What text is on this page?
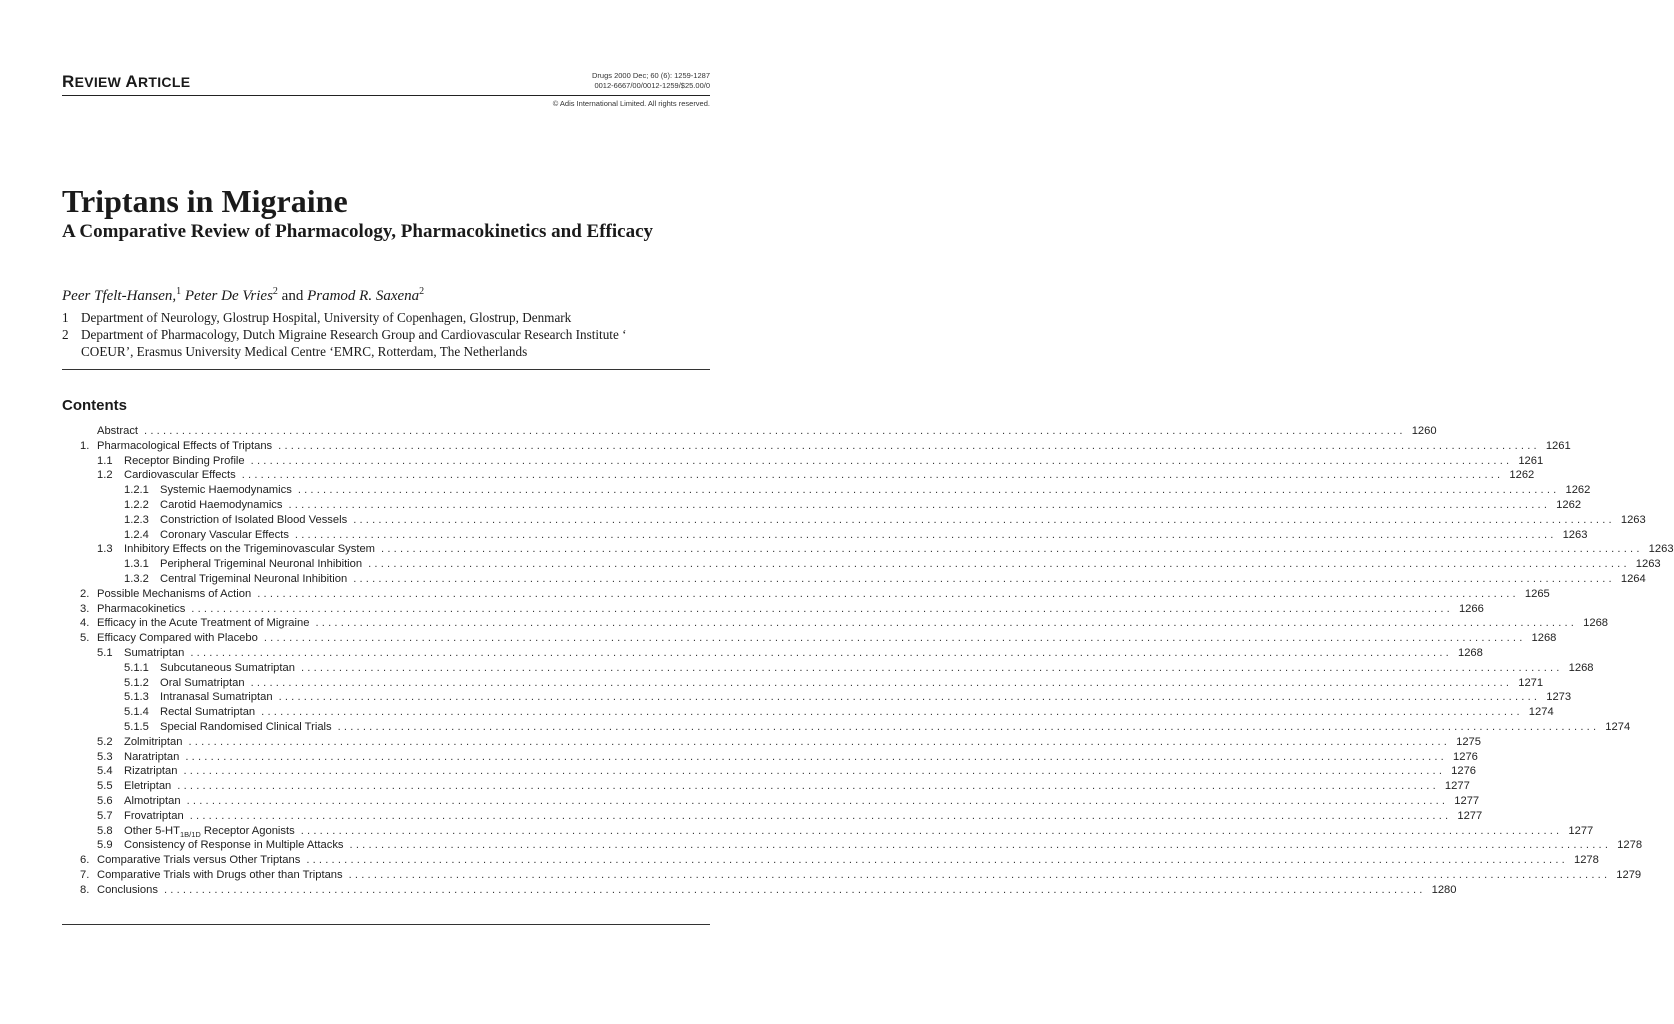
REVIEW ARTICLE	Drugs 2000 Dec; 60 (6): 1259-1287
0012-6667/00/0012-1259/$25.00/0
© Adis International Limited. All rights reserved.
Triptans in Migraine
A Comparative Review of Pharmacology, Pharmacokinetics and Efficacy
Peer Tfelt-Hansen,$^1$ Peter De Vries$^2$ and Pramod R. Saxena$^2$
1 Department of Neurology, Glostrup Hospital, University of Copenhagen, Glostrup, Denmark
2 Department of Pharmacology, Dutch Migraine Research Group and Cardiovascular Research Institute ‘ COEUR’, Erasmus University Medical Centre ‘EMRC, Rotterdam, The Netherlands
Contents
Abstract ........................................................................................................................................................................................................ 1260
1. Pharmacological Effects of Triptans ........................................................................................................................................................................................................ 1261
1.1	Receptor Binding Profile ........................................................................................................................................................................................................ 1261
1.2	Cardiovascular Effects ........................................................................................................................................................................................................ 1262
1.2.1 Systemic Haemodynamics ........................................................................................................................................................................................................ 1262
1.2.2 Carotid Haemodynamics ........................................................................................................................................................................................................ 1262
1.2.3 Constriction of Isolated Blood Vessels ........................................................................................................................................................................................................ 1263
1.2.4 Coronary Vascular Effects ........................................................................................................................................................................................................ 1263
1.3	Inhibitory Effects on the Trigeminovascular System ........................................................................................................................................................................................................ 1263
1.3.1 Peripheral Trigeminal Neuronal Inhibition ........................................................................................................................................................................................................ 1263
1.3.2 Central Trigeminal Neuronal Inhibition ........................................................................................................................................................................................................ 1264
2. Possible Mechanisms of Action ........................................................................................................................................................................................................ 1265
3. Pharmacokinetics ........................................................................................................................................................................................................ 1266
4. Efficacy in the Acute Treatment of Migraine ........................................................................................................................................................................................................ 1268
5. Efficacy Compared with Placebo ........................................................................................................................................................................................................ 1268
5.1	Sumatriptan ........................................................................................................................................................................................................ 1268
5.1.1 Subcutaneous Sumatriptan ........................................................................................................................................................................................................ 1268
5.1.2 Oral Sumatriptan ........................................................................................................................................................................................................ 1271
5.1.3 Intranasal Sumatriptan ........................................................................................................................................................................................................ 1273
5.1.4 Rectal Sumatriptan ........................................................................................................................................................................................................ 1274
5.1.5 Special Randomised Clinical Trials ........................................................................................................................................................................................................ 1274
5.2	Zolmitriptan ........................................................................................................................................................................................................ 1275
5.3	Naratriptan ........................................................................................................................................................................................................ 1276
5.4	Rizatriptan ........................................................................................................................................................................................................ 1276
5.5	Eletriptan ........................................................................................................................................................................................................ 1277
5.6	Almotriptan ........................................................................................................................................................................................................ 1277
5.7	Frovatriptan ........................................................................................................................................................................................................ 1277
5.8	Other $5-HT_{1B/1D}$ Receptor Agonists ........................................................................................................................................................................................................ 1277
5.9	Consistency of Response in Multiple Attacks ........................................................................................................................................................................................................ 1278
6. Comparative Trials versus Other Triptans ........................................................................................................................................................................................................ 1278
7. Comparative Trials with Drugs other than Triptans ........................................................................................................................................................................................................ 1279
8. Conclusions ........................................................................................................................................................................................................ 1280
